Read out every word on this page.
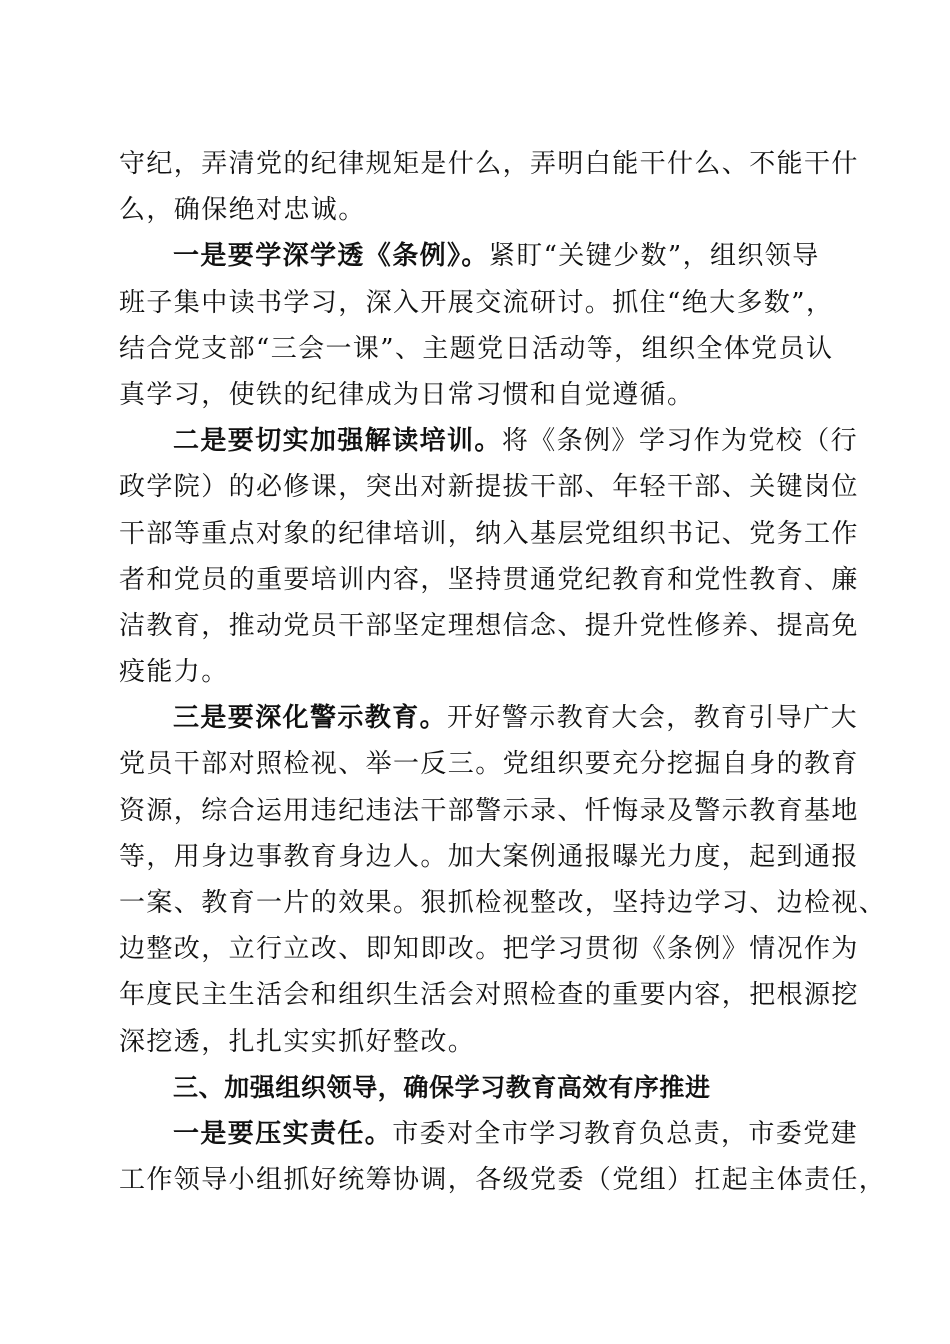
守纪，弄清党的纪律规矩是什么，弄明白能干什么、不能干什
么，确保绝对忠诚。
一是要学深学透《条例》。紧盯“关键少数”，组织领导
班子集中读书学习，深入开展交流研讨。抓住“绝大多数”，
结合党支部“三会一课”、主题党日活动等，组织全体党员认
真学习，使铁的纪律成为日常习惯和自觉遵循。
二是要切实加强解读培训。将《条例》学习作为党校（行
政学院）的必修课，突出对新提拔干部、年轻干部、关键岗位
干部等重点对象的纪律培训，纳入基层党组织书记、党务工作
者和党员的重要培训内容，坚持贯通党纪教育和党性教育、廉
洁教育，推动党员干部坚定理想信念、提升党性修养、提高免
疫能力。
三是要深化警示教育。开好警示教育大会，教育引导广大
党员干部对照检视、举一反三。党组织要充分挖掘自身的教育
资源，综合运用违纪违法干部警示录、忏悔录及警示教育基地
等，用身边事教育身边人。加大案例通报曝光力度，起到通报
一案、教育一片的效果。狠抓检视整改，坚持边学习、边检视、
边整改，立行立改、即知即改。把学习贯彻《条例》情况作为
年度民主生活会和组织生活会对照检查的重要内容，把根源挖
深挖透，扎扎实实抓好整改。
三、加强组织领导，确保学习教育高效有序推进
一是要压实责任。市委对全市学习教育负总责，市委党建
工作领导小组抓好统筹协调，各级党委（党组）扛起主体责任，
